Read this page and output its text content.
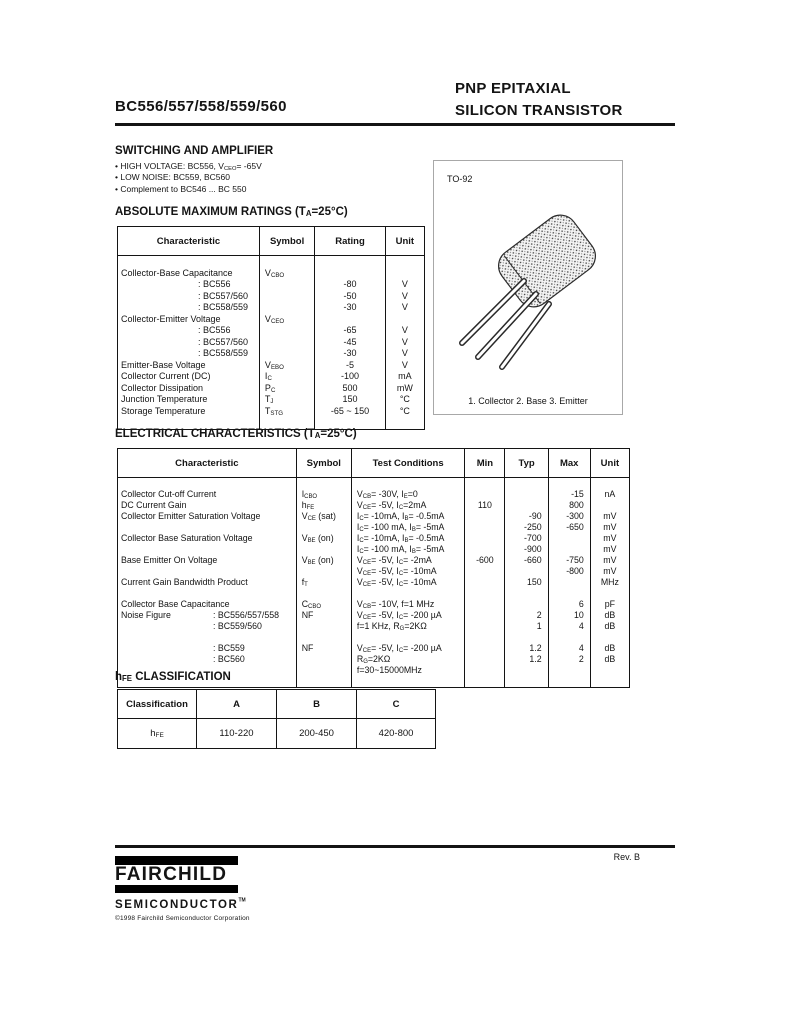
BC556/557/558/559/560
PNP EPITAXIAL
SILICON TRANSISTOR
SWITCHING AND AMPLIFIER
• HIGH VOLTAGE: BC556, $V_{CEO}= -65V$
• LOW NOISE: BC559, BC560
• Complement to BC546 ... BC 550
TO-92
1. Collector 2. Base 3. Emitter
ABSOLUTE MAXIMUM RATINGS $(T_A=25^\circ C)$
Characteristic	Symbol	Rating	Unit

Collector-Base Capacitance	$V_{CBO}$		
: BC556		-80	V
: BC557/560		-50	V
: BC558/559		-30	V
Collector-Emitter Voltage	$V_{CEO}$		
: BC556		-65	V
: BC557/560		-45	V
: BC558/559		-30	V
Emitter-Base Voltage	$V_{EBO}$	-5	V
Collector Current (DC)	$I_C$	-100	mA
Collector Dissipation	$P_C$	500	mW
Junction Temperature	$T_J$	150	°C
Storage Temperature	$T_{STG}$	-65 ~ 150	°C

ELECTRICAL CHARACTERISTICS $(T_A=25^\circ C)$
Characteristic	Symbol	Test Conditions	Min	Typ	Max	Unit

Collector Cut-off Current	$I_{CBO}$	$V_{CB}= -30V$, $I_E=0$			-15	nA
DC Current Gain	$h_{FE}$	$V_{CE}= -5V$, $I_C=2mA$	110		800	
Collector Emitter Saturation Voltage	$V_{CE}$ (sat)	$I_C= -10mA$, $I_B= -0.5mA$		-90	-300	mV
		$I_C= -100$ mA, $I_B= -5mA$		-250	-650	mV
Collector Base Saturation Voltage	$V_{BE}$ (on)	$I_C= -10mA$, $I_B= -0.5mA$		-700		mV
		$I_C= -100$ mA, $I_B= -5mA$		-900		mV
Base Emitter On Voltage	$V_{BE}$ (on)	$V_{CE}= -5V$, $I_C= -2mA$	-600	-660	-750	mV
		$V_{CE}= -5V$, $I_C= -10mA$			-800	mV
Current Gain Bandwidth Product	$f_T$	$V_{CE}= -5V$, $I_C= -10mA$		150		MHz

Collector Base Capacitance	$C_{CBO}$	$V_{CB}= -10V$, f=1 MHz			6	pF
Noise Figure : BC556/557/558	NF	$V_{CE}= -5V$, $I_C= -200$ µA		2	10	dB

: BC559/560		f=1 KHz, $R_G=2K\Omega$		1	4	dB

: BC559	NF	$V_{CE}= -5V$, $I_C= -200$ µA		1.2	4	dB

: BC560		$R_G=2K\Omega$		1.2	2	dB
		f=30~15000MHz				

$h_{FE}$ CLASSIFICATION
Classification	A	B	C
$h_{FE}$	110-220	200-450	420-800
Rev. B
FAIRCHILD
SEMICONDUCTOR™
©1998 Fairchild Semiconductor Corporation
